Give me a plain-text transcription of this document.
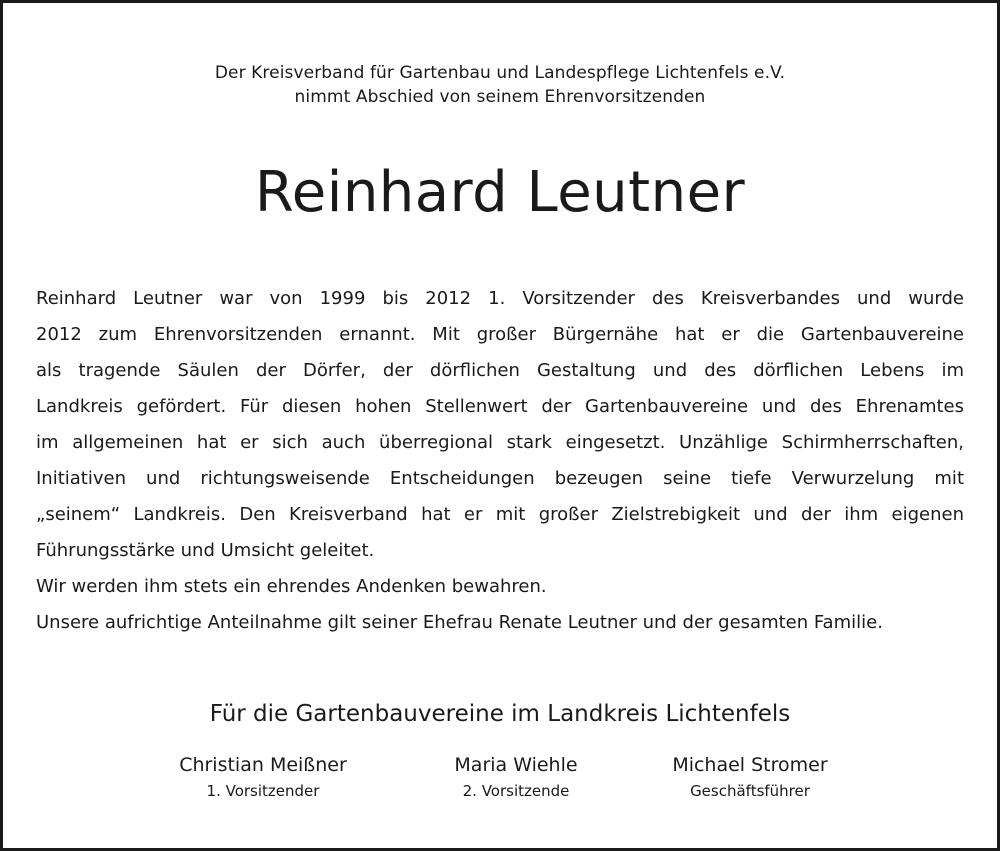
Der Kreisverband für Gartenbau und Landespflege Lichtenfels e.V.
nimmt Abschied von seinem Ehrenvorsitzenden
Reinhard Leutner
Reinhard Leutner war von 1999 bis 2012 1. Vorsitzender des Kreisverbandes und wurde
2012 zum Ehrenvorsitzenden ernannt. Mit großer Bürgernähe hat er die Gartenbauvereine
als tragende Säulen der Dörfer, der dörflichen Gestaltung und des dörflichen Lebens im
Landkreis gefördert. Für diesen hohen Stellenwert der Gartenbauvereine und des Ehrenamtes
im allgemeinen hat er sich auch überregional stark eingesetzt. Unzählige Schirmherrschaften,
Initiativen und richtungsweisende Entscheidungen bezeugen seine tiefe Verwurzelung mit
„seinem“ Landkreis. Den Kreisverband hat er mit großer Zielstrebigkeit und der ihm eigenen
Führungsstärke und Umsicht geleitet.
Wir werden ihm stets ein ehrendes Andenken bewahren.
Unsere aufrichtige Anteilnahme gilt seiner Ehefrau Renate Leutner und der gesamten Familie.
Für die Gartenbauvereine im Landkreis Lichtenfels
Christian Meißner
1. Vorsitzender
Maria Wiehle
2. Vorsitzende
Michael Stromer
Geschäftsführer
